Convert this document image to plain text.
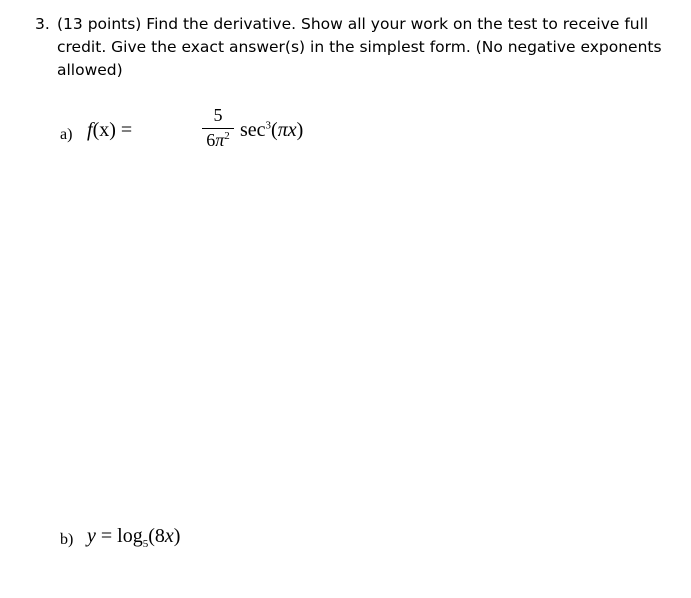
3. (13 points) Find the derivative. Show all your work on the test to receive full credit. Give the exact answer(s) in the simplest form. (No negative exponents allowed)
a) f(x) =
5
$6\pi^2$ $\sec^3(\pi x)$
b) $y = \log_5(8x)$
